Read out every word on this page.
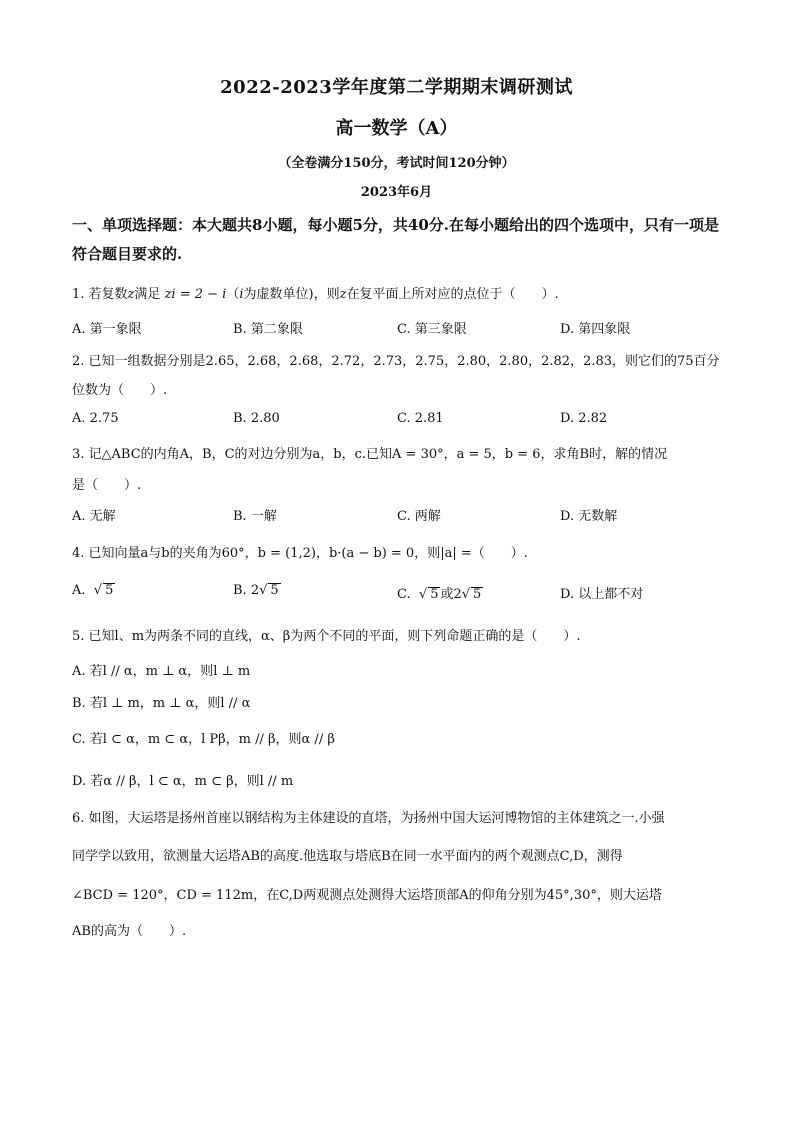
2022-2023学年度第二学期期末调研测试
高一数学（A）
（全卷满分150分，考试时间120分钟）
2023年6月
一、单项选择题：本大题共8小题，每小题5分，共40分.在每小题给出的四个选项中，只有一项是符合题目要求的.
1. 若复数z满足 zi = 2 − i（i为虚数单位)，则z在复平面上所对应的点位于（　　）.
A. 第一象限	B. 第二象限	C. 第三象限	D. 第四象限
2. 已知一组数据分别是2.65，2.68，2.68，2.72，2.73，2.75，2.80，2.80，2.82，2.83，则它们的75百分
位数为（　　）.
A. 2.75	B. 2.80	C. 2.81	D. 2.82
3. 记△ABC的内角A，B，C的对边分别为a，b，c.已知A = 30°，a = 5，b = 6，求角B时，解的情况
是（　　）.
A. 无解	B. 一解	C. 两解	D. 无数解
4. 已知向量a与b的夹角为60°，b = (1,2)，b·(a − b) = 0，则|a| =（　　）.
A.  √ 5	B. 2√ 5	C.  √ 5 或2√ 5	D. 以上都不对
5. 已知l、m为两条不同的直线，α、β为两个不同的平面，则下列命题正确的是（　　）.
A. 若l // α，m ⊥ α，则l ⊥ m
B. 若l ⊥ m，m ⊥ α，则l // α
C. 若l ⊂ α，m ⊂ α，l Pβ，m // β，则α // β
D. 若α // β，l ⊂ α，m ⊂ β，则l // m
6. 如图，大运塔是扬州首座以钢结构为主体建设的直塔，为扬州中国大运河博物馆的主体建筑之一.小强
同学学以致用，欲测量大运塔AB的高度.他选取与塔底B在同一水平面内的两个观测点C,D，测得
∠BCD = 120°，CD = 112m，在C,D两观测点处测得大运塔顶部A的仰角分别为45°,30°，则大运塔
AB的高为（　　）.
